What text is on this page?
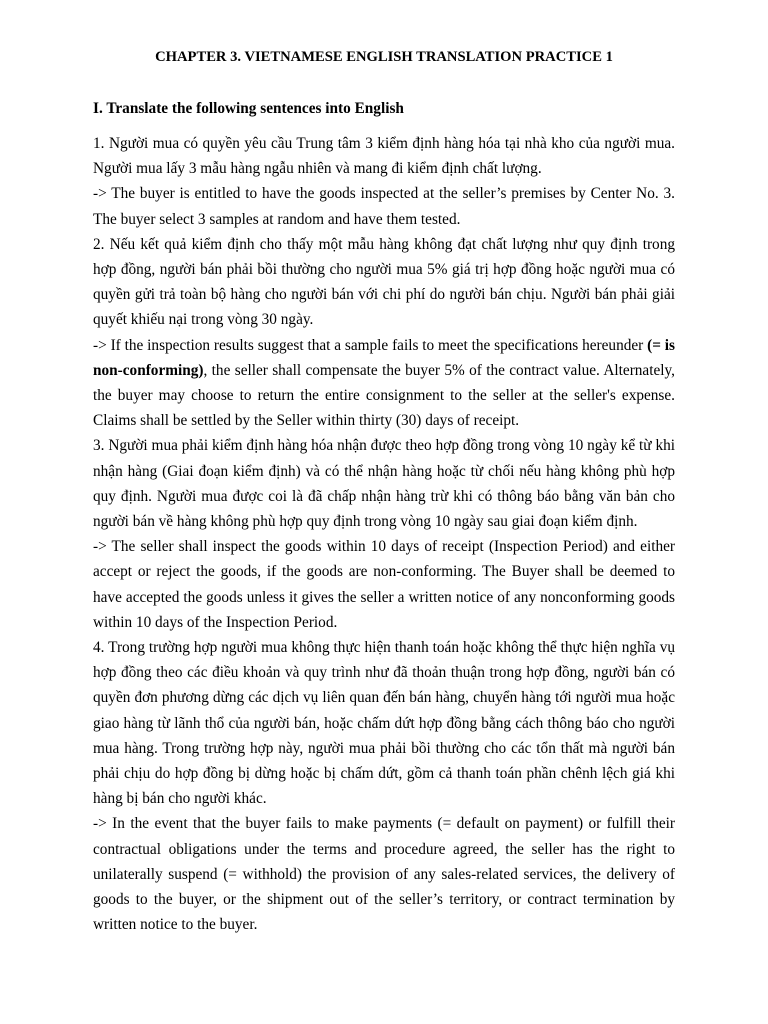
CHAPTER 3. VIETNAMESE ENGLISH TRANSLATION PRACTICE 1
I. Translate the following sentences into English

1. Người mua có quyền yêu cầu Trung tâm 3 kiểm định hàng hóa tại nhà kho của người mua. Người mua lấy 3 mẫu hàng ngẫu nhiên và mang đi kiểm định chất lượng.

-> The buyer is entitled to have the goods inspected at the seller’s premises by Center No. 3. The buyer select 3 samples at random and have them tested.

2. Nếu kết quả kiểm định cho thấy một mẫu hàng không đạt chất lượng như quy định trong hợp đồng, người bán phải bồi thường cho người mua 5% giá trị hợp đồng hoặc người mua có quyền gửi trả toàn bộ hàng cho người bán với chi phí do người bán chịu. Người bán phải giải quyết khiếu nại trong vòng 30 ngày.

-> If the inspection results suggest that a sample fails to meet the specifications hereunder (= is non-conforming), the seller shall compensate the buyer 5% of the contract value. Alternately, the buyer may choose to return the entire consignment to the seller at the seller's expense. Claims shall be settled by the Seller within thirty (30) days of receipt.

3. Người mua phải kiểm định hàng hóa nhận được theo hợp đồng trong vòng 10 ngày kể từ khi nhận hàng (Giai đoạn kiểm định) và có thể nhận hàng hoặc từ chối nếu hàng không phù hợp quy định. Người mua được coi là đã chấp nhận hàng trừ khi có thông báo bằng văn bản cho người bán về hàng không phù hợp quy định trong vòng 10 ngày sau giai đoạn kiểm định.

-> The seller shall inspect the goods within 10 days of receipt (Inspection Period) and either accept or reject the goods, if the goods are non-conforming. The Buyer shall be deemed to have accepted the goods unless it gives the seller a written notice of any nonconforming goods within 10 days of the Inspection Period.

4. Trong trường hợp người mua không thực hiện thanh toán hoặc không thể thực hiện nghĩa vụ hợp đồng theo các điều khoản và quy trình như đã thoản thuận trong hợp đồng, người bán có quyền đơn phương dừng các dịch vụ liên quan đến bán hàng, chuyển hàng tới người mua hoặc giao hàng từ lãnh thổ của người bán, hoặc chấm dứt hợp đồng bằng cách thông báo cho người mua hàng. Trong trường hợp này, người mua phải bồi thường cho các tổn thất mà người bán phải chịu do hợp đồng bị dừng hoặc bị chấm dứt, gồm cả thanh toán phần chênh lệch giá khi hàng bị bán cho người khác.

-> In the event that the buyer fails to make payments (= default on payment) or fulfill their contractual obligations under the terms and procedure agreed, the seller has the right to unilaterally suspend (= withhold) the provision of any sales-related services, the delivery of goods to the buyer, or the shipment out of the seller’s territory, or contract termination by written notice to the buyer.
